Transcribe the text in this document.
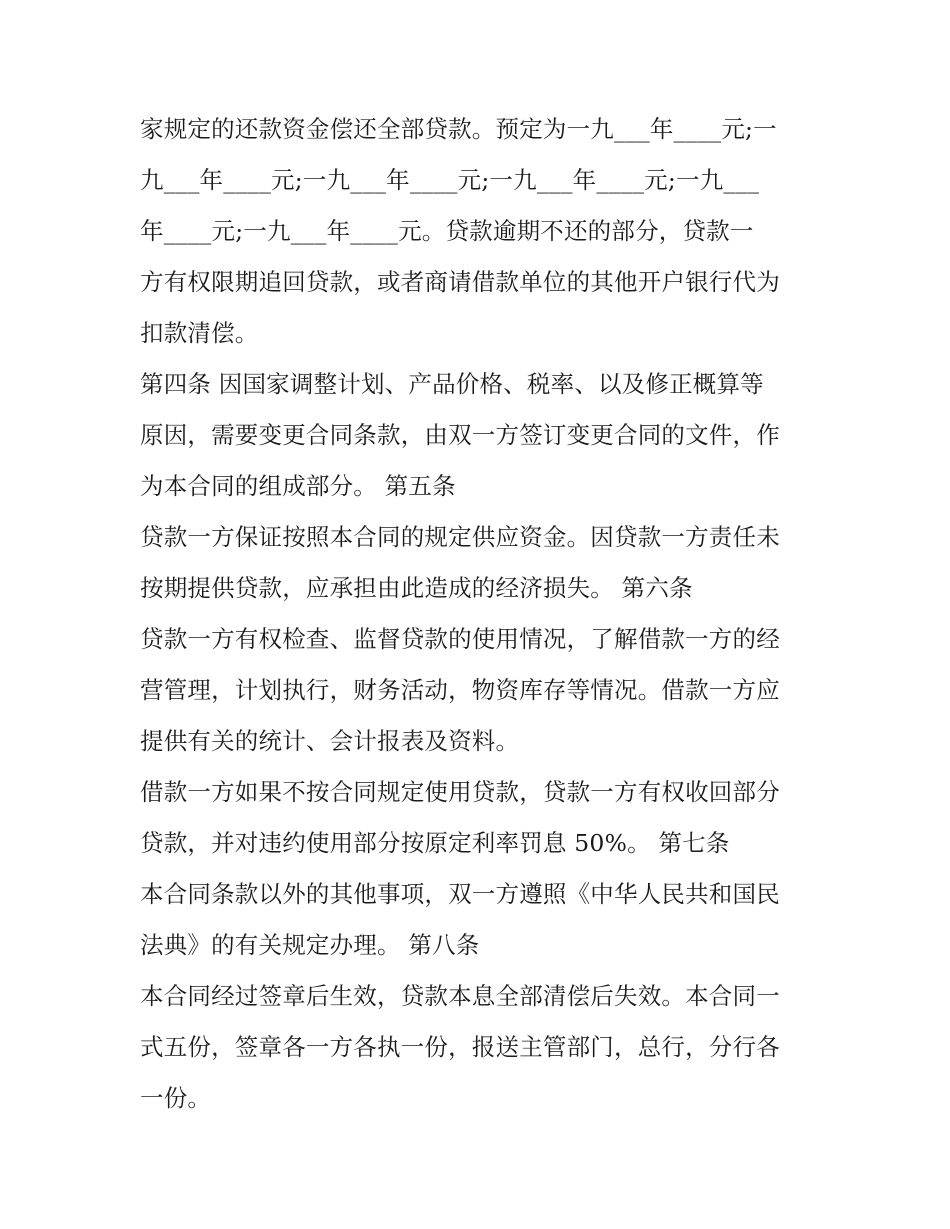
家规定的还款资金偿还全部贷款。预定为一九___年____元;一
九___年____元;一九___年____元;一九___年____元;一九___
年____元;一九___年____元。贷款逾期不还的部分，贷款一
方有权限期追回贷款，或者商请借款单位的其他开户银行代为
扣款清偿。
第四条 因国家调整计划、产品价格、税率、以及修正概算等
原因，需要变更合同条款，由双一方签订变更合同的文件，作
为本合同的组成部分。 第五条
贷款一方保证按照本合同的规定供应资金。因贷款一方责任未
按期提供贷款，应承担由此造成的经济损失。 第六条
贷款一方有权检查、监督贷款的使用情况，了解借款一方的经
营管理，计划执行，财务活动，物资库存等情况。借款一方应
提供有关的统计、会计报表及资料。
借款一方如果不按合同规定使用贷款，贷款一方有权收回部分
贷款，并对违约使用部分按原定利率罚息 50%。 第七条
本合同条款以外的其他事项，双一方遵照《中华人民共和国民
法典》的有关规定办理。 第八条
本合同经过签章后生效，贷款本息全部清偿后失效。本合同一
式五份，签章各一方各执一份，报送主管部门，总行，分行各
一份。
